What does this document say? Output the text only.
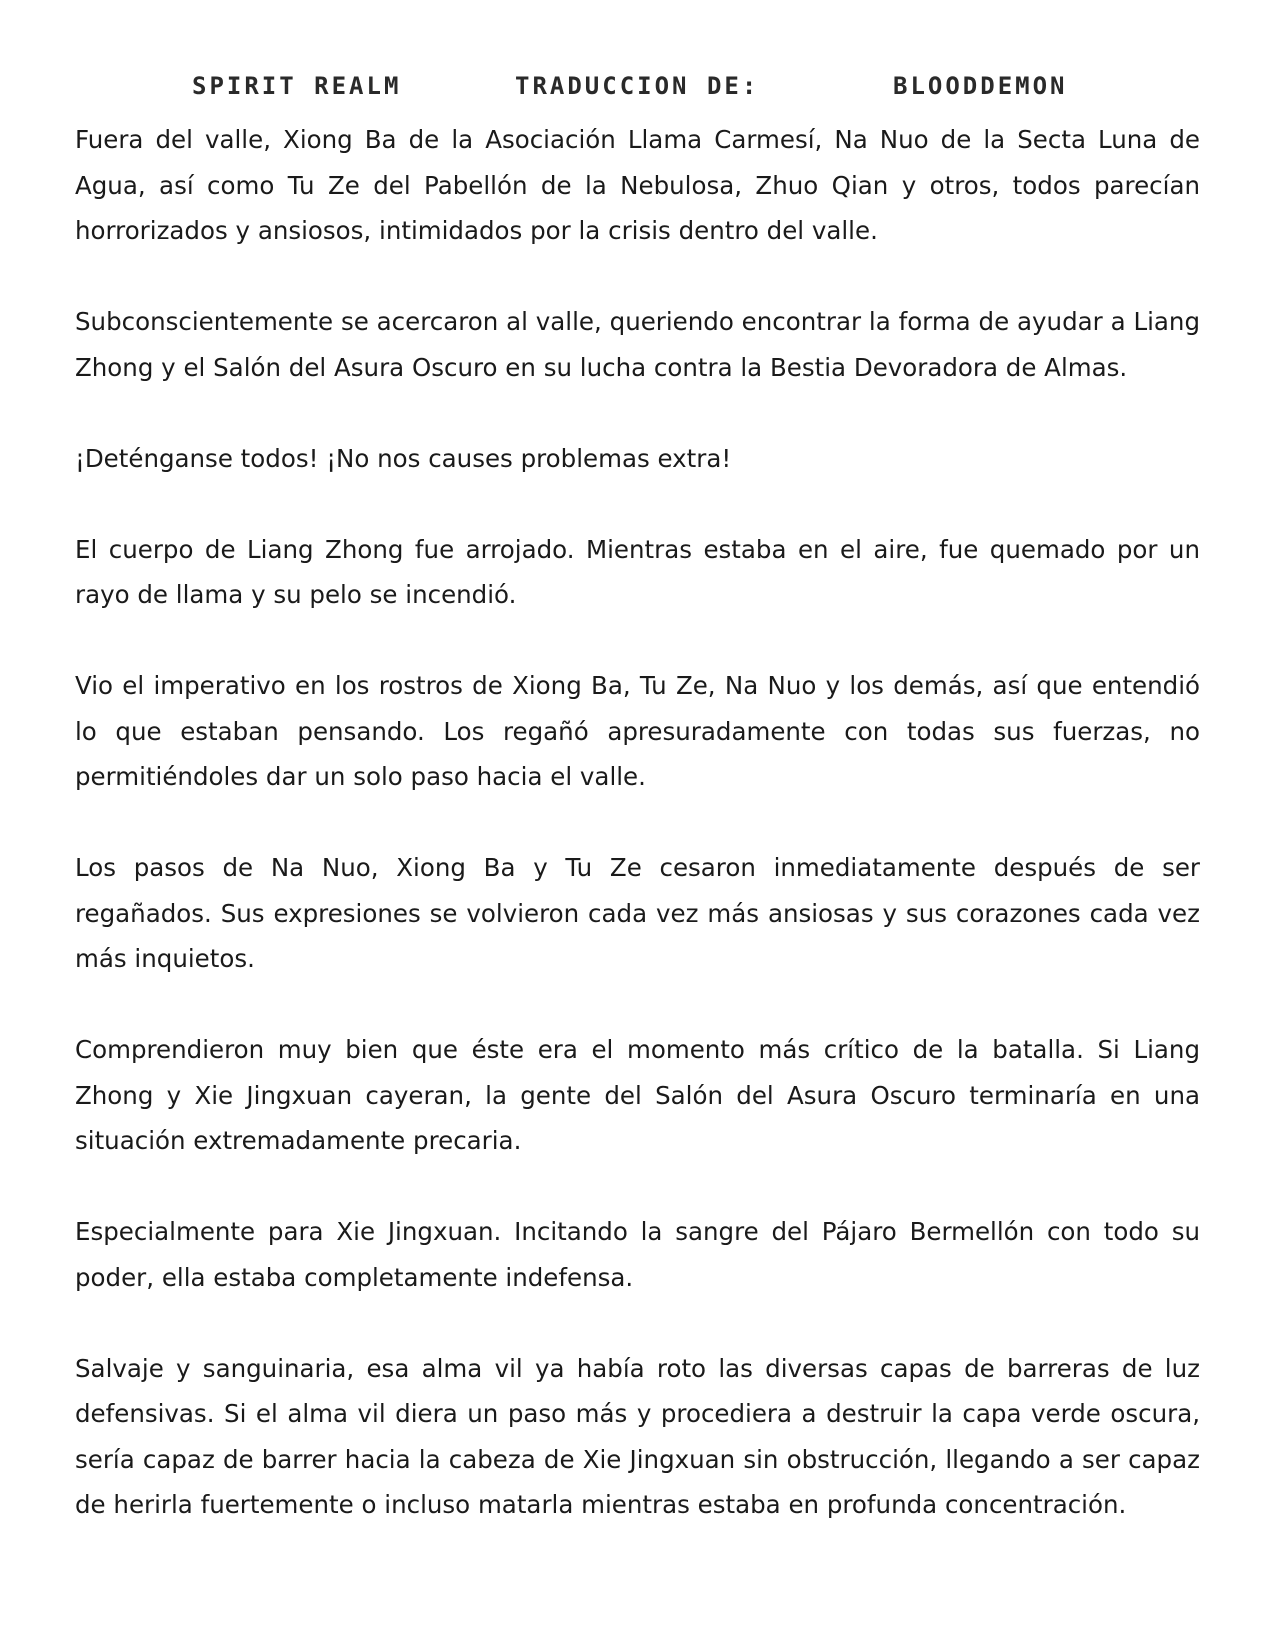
SPIRIT REALM	TRADUCCION DE:	BLOODDEMON

Fuera del valle, Xiong Ba de la Asociación Llama Carmesí, Na Nuo de la Secta Luna de Agua, así como Tu Ze del Pabellón de la Nebulosa, Zhuo Qian y otros, todos parecían horrorizados y ansiosos, intimidados por la crisis dentro del valle.

Subconscientemente se acercaron al valle, queriendo encontrar la forma de ayudar a Liang Zhong y el Salón del Asura Oscuro en su lucha contra la Bestia Devoradora de Almas.

¡Deténganse todos! ¡No nos causes problemas extra!

El cuerpo de Liang Zhong fue arrojado. Mientras estaba en el aire, fue quemado por un rayo de llama y su pelo se incendió.

Vio el imperativo en los rostros de Xiong Ba, Tu Ze, Na Nuo y los demás, así que entendió lo que estaban pensando. Los regañó apresuradamente con todas sus fuerzas, no permitiéndoles dar un solo paso hacia el valle.

Los pasos de Na Nuo, Xiong Ba y Tu Ze cesaron inmediatamente después de ser regañados. Sus expresiones se volvieron cada vez más ansiosas y sus corazones cada vez más inquietos.

Comprendieron muy bien que éste era el momento más crítico de la batalla. Si Liang Zhong y Xie Jingxuan cayeran, la gente del Salón del Asura Oscuro terminaría en una situación extremadamente precaria.

Especialmente para Xie Jingxuan. Incitando la sangre del Pájaro Bermellón con todo su poder, ella estaba completamente indefensa.

Salvaje y sanguinaria, esa alma vil ya había roto las diversas capas de barreras de luz defensivas. Si el alma vil diera un paso más y procediera a destruir la capa verde oscura, sería capaz de barrer hacia la cabeza de Xie Jingxuan sin obstrucción, llegando a ser capaz de herirla fuertemente o incluso matarla mientras estaba en profunda concentración.
